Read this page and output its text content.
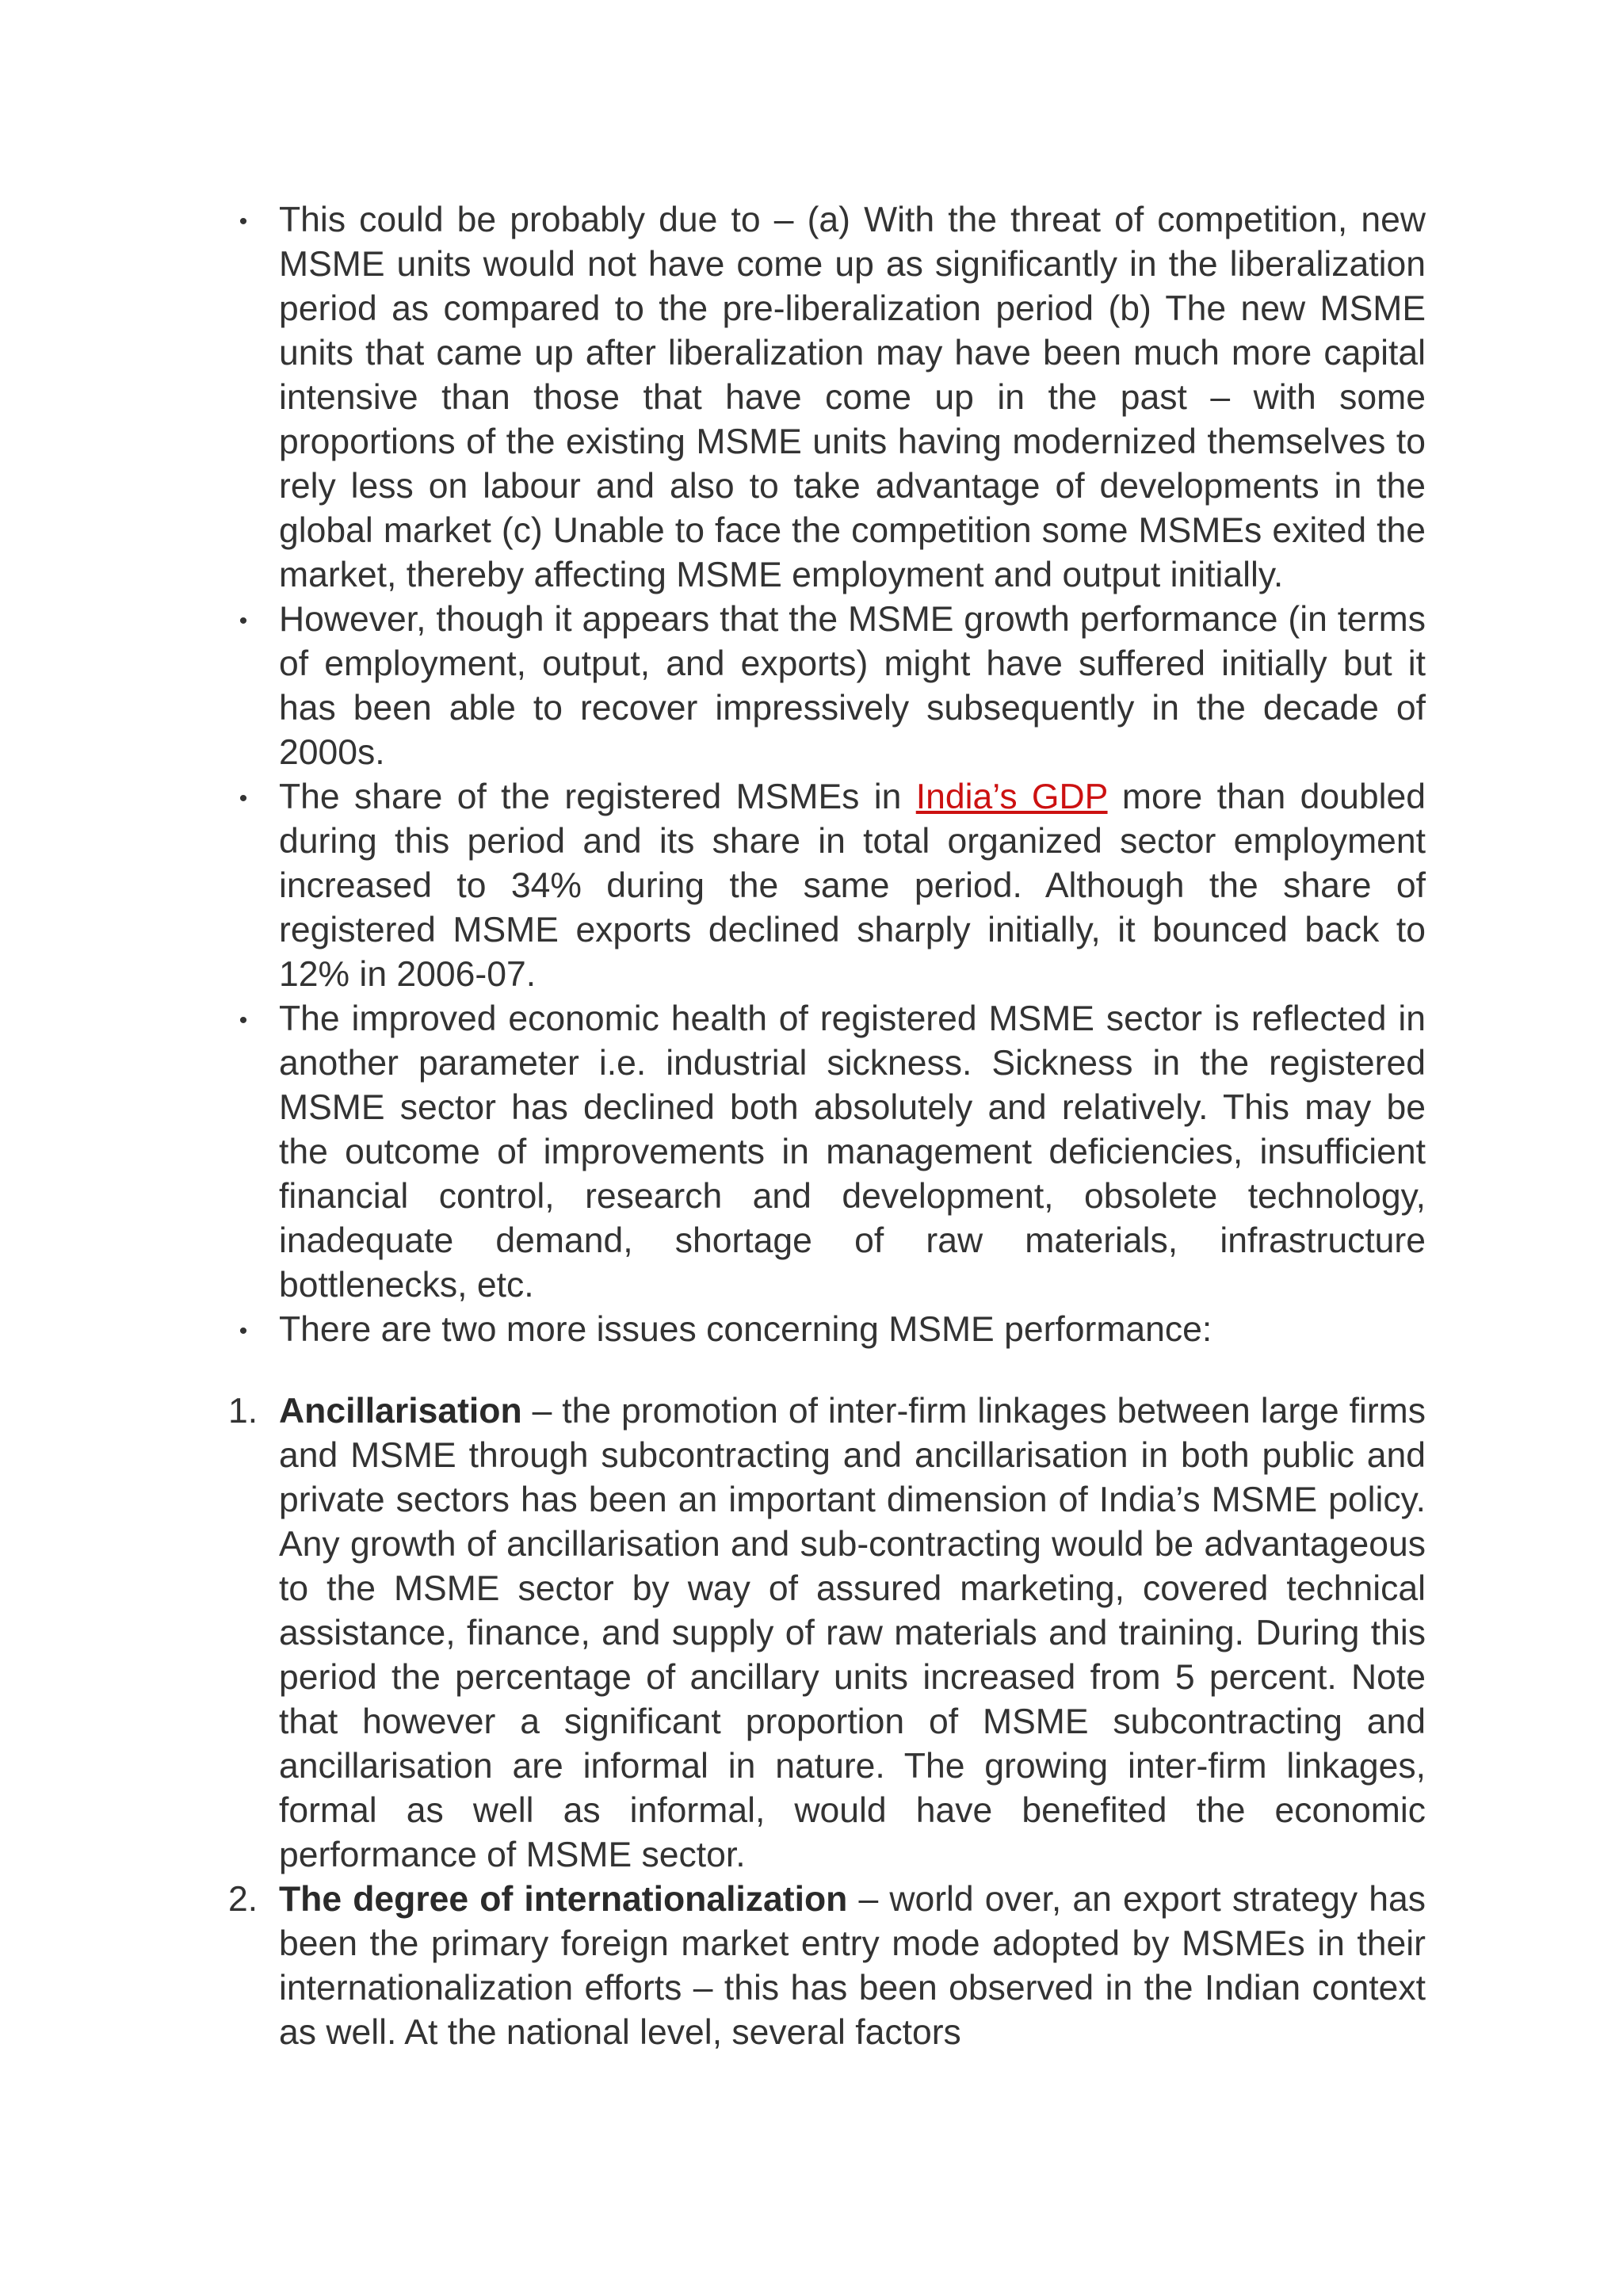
• This could be probably due to – (a) With the threat of competition, new MSME units would not have come up as significantly in the liberalization period as compared to the pre-liberalization period (b) The new MSME units that came up after liberalization may have been much more capital intensive than those that have come up in the past – with some proportions of the existing MSME units having modernized themselves to rely less on labour and also to take advantage of developments in the global market (c) Unable to face the competition some MSMEs exited the market, thereby affecting MSME employment and output initially.
• However, though it appears that the MSME growth performance (in terms of employment, output, and exports) might have suffered initially but it has been able to recover impressively subsequently in the decade of 2000s.
• The share of the registered MSMEs in India’s GDP more than doubled during this period and its share in total organized sector employment increased to 34% during the same period. Although the share of registered MSME exports declined sharply initially, it bounced back to 12% in 2006-07.
• The improved economic health of registered MSME sector is reflected in another parameter i.e. industrial sickness. Sickness in the registered MSME sector has declined both absolutely and relatively. This may be the outcome of improvements in management deficiencies, insufficient financial control, research and development, obsolete technology, inadequate demand, shortage of raw materials, infrastructure bottlenecks, etc.
• There are two more issues concerning MSME performance:
1. Ancillarisation – the promotion of inter-firm linkages between large firms and MSME through subcontracting and ancillarisation in both public and private sectors has been an important dimension of India’s MSME policy. Any growth of ancillarisation and sub-contracting would be advantageous to the MSME sector by way of assured marketing, covered technical assistance, finance, and supply of raw materials and training. During this period the percentage of ancillary units increased from 5 percent. Note that however a significant proportion of MSME subcontracting and ancillarisation are informal in nature. The growing inter-firm linkages, formal as well as informal, would have benefited the economic performance of MSME sector.
2. The degree of internationalization – world over, an export strategy has been the primary foreign market entry mode adopted by MSMEs in their internationalization efforts – this has been observed in the Indian context as well. At the national level, several factors
